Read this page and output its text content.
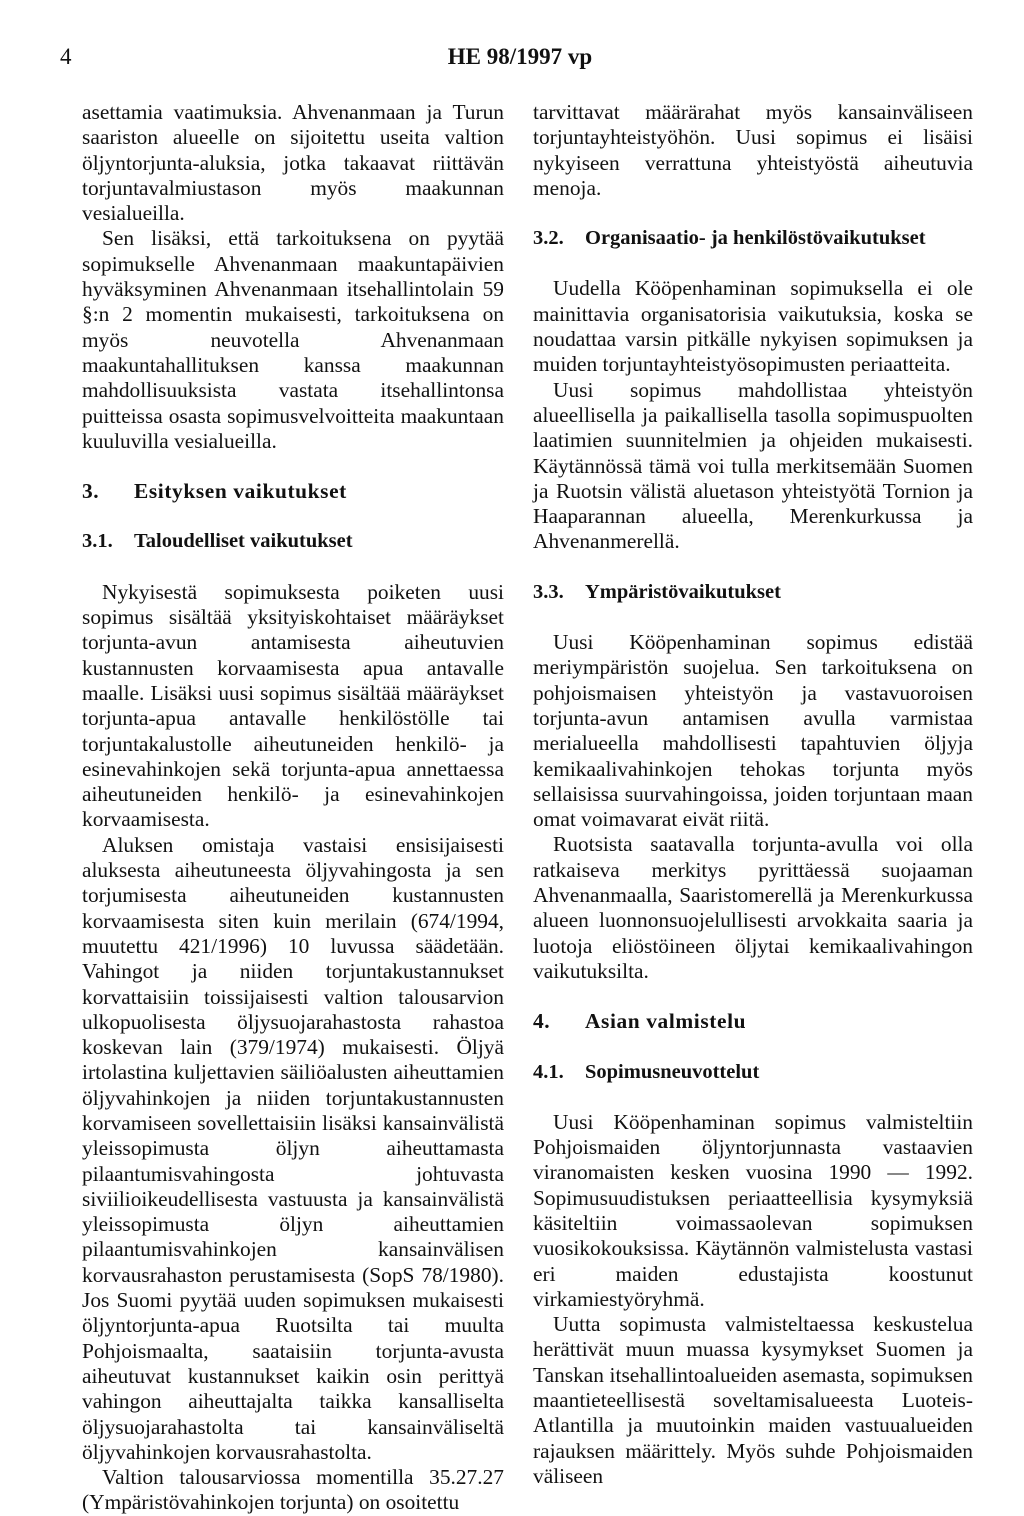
4	HE 98/1997 vp

asettamia vaatimuksia. Ahvenanmaan ja Turun saariston alueelle on sijoitettu useita valtion öljyntorjunta-aluksia, jotka takaavat riittävän torjuntavalmiustason myös maakunnan vesialueilla.

Sen lisäksi, että tarkoituksena on pyytää sopimukselle Ahvenanmaan maakuntapäivien hyväksyminen Ahvenanmaan itsehallintolain 59 §:n 2 momentin mukaisesti, tarkoituksena on myös neuvotella Ahvenanmaan maakuntahallituksen kanssa maakunnan mahdollisuuksista vastata itsehallintonsa puitteissa osasta sopimusvelvoitteita maakuntaan kuuluvilla vesialueilla.

3.	Esityksen vaikutukset
3.1.	Taloudelliset vaikutukset

Nykyisestä sopimuksesta poiketen uusi sopimus sisältää yksityiskohtaiset määräykset torjunta-avun antamisesta aiheutuvien kustannusten korvaamisesta apua antavalle maalle. Lisäksi uusi sopimus sisältää määräykset torjunta-apua antavalle henkilöstölle tai torjuntakalustolle aiheutuneiden henkilö- ja esinevahinkojen sekä torjunta-apua annettaessa aiheutuneiden henkilö- ja esinevahinkojen korvaamisesta.

Aluksen omistaja vastaisi ensisijaisesti aluksesta aiheutuneesta öljyvahingosta ja sen torjumisesta aiheutuneiden kustannusten korvaamisesta siten kuin merilain (674/1994, muutettu 421/1996) 10 luvussa säädetään. Vahingot ja niiden torjuntakustannukset korvattaisiin toissijaisesti valtion talousarvion ulkopuolisesta öljysuojarahastosta rahastoa koskevan lain (379/1974) mukaisesti. Öljyä irtolastina kuljettavien säiliöalusten aiheuttamien öljyvahinkojen ja niiden torjuntakustannusten korvamiseen sovellettaisiin lisäksi kansainvälistä yleissopimusta öljyn aiheuttamasta pilaantumisvahingosta johtuvasta siviilioikeudellisesta vastuusta ja kansainvälistä yleissopimusta öljyn aiheuttamien pilaantumisvahinkojen kansainvälisen korvausrahaston perustamisesta (SopS 78/1980). Jos Suomi pyytää uuden sopimuksen mukaisesti öljyntorjunta-apua Ruotsilta tai muulta Pohjoismaalta, saataisiin torjunta-avusta aiheutuvat kustannukset kaikin osin perittyä vahingon aiheuttajalta taikka kansalliselta öljysuojarahastolta tai kansainväliseltä öljyvahinkojen korvausrahastolta.

Valtion talousarviossa momentilla 35.27.27 (Ympäristövahinkojen torjunta) on osoitettu

tarvittavat määrärahat myös kansainväliseen torjuntayhteistyöhön. Uusi sopimus ei lisäisi nykyiseen verrattuna yhteistyöstä aiheutuvia menoja.

3.2.	Organisaatio- ja henkilöstövaikutukset

Uudella Kööpenhaminan sopimuksella ei ole mainittavia organisatorisia vaikutuksia, koska se noudattaa varsin pitkälle nykyisen sopimuksen ja muiden torjuntayhteistyösopimusten periaatteita.

Uusi sopimus mahdollistaa yhteistyön alueellisella ja paikallisella tasolla sopimuspuolten laatimien suunnitelmien ja ohjeiden mukaisesti. Käytännössä tämä voi tulla merkitsemään Suomen ja Ruotsin välistä aluetason yhteistyötä Tornion ja Haaparannan alueella, Merenkurkussa ja Ahvenanmerellä.

3.3.	Ympäristövaikutukset

Uusi Kööpenhaminan sopimus edistää meriympäristön suojelua. Sen tarkoituksena on pohjoismaisen yhteistyön ja vastavuoroisen torjunta-avun antamisen avulla varmistaa merialueella mahdollisesti tapahtuvien öljyja kemikaalivahinkojen tehokas torjunta myös sellaisissa suurvahingoissa, joiden torjuntaan maan omat voimavarat eivät riitä.

Ruotsista saatavalla torjunta-avulla voi olla ratkaiseva merkitys pyrittäessä suojaaman Ahvenanmaalla, Saaristomerellä ja Merenkurkussa alueen luonnonsuojelullisesti arvokkaita saaria ja luotoja eliöstöineen öljytai kemikaalivahingon vaikutuksilta.

4.	Asian valmistelu
4.1.	Sopimusneuvottelut

Uusi Kööpenhaminan sopimus valmisteltiin Pohjoismaiden öljyntorjunnasta vastaavien viranomaisten kesken vuosina 1990 — 1992. Sopimusuudistuksen periaatteellisia kysymyksiä käsiteltiin voimassaolevan sopimuksen vuosikokouksissa. Käytännön valmistelusta vastasi eri maiden edustajista koostunut virkamiestyöryhmä.

Uutta sopimusta valmisteltaessa keskustelua herättivät muun muassa kysymykset Suomen ja Tanskan itsehallintoalueiden asemasta, sopimuksen maantieteellisestä soveltamisalueesta Luoteis-Atlantilla ja muutoinkin maiden vastuualueiden rajauksen määrittely. Myös suhde Pohjoismaiden väliseen
